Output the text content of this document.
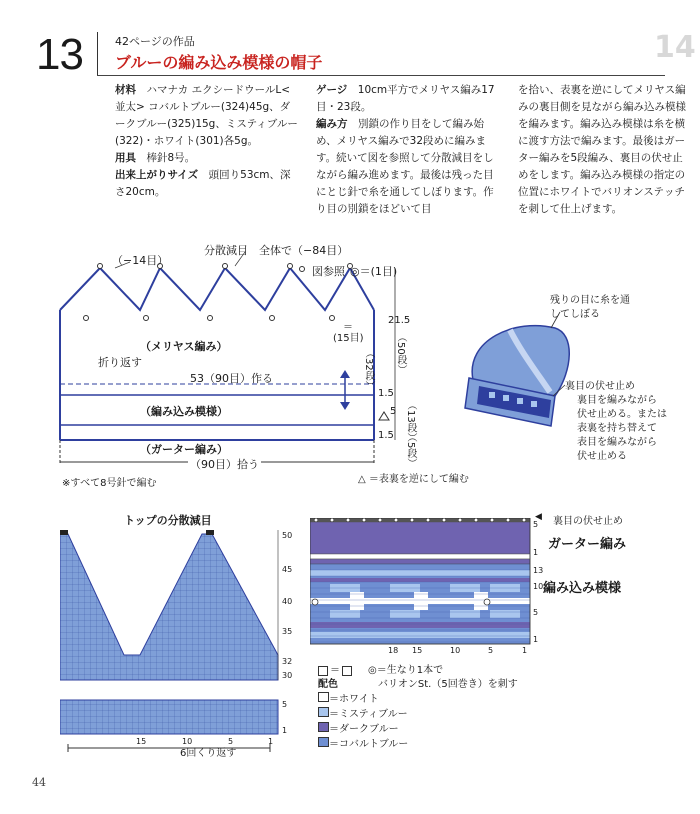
13	42ページの作品
ブルーの編み込み模様の帽子	14
材料　 ハマナカ エクシードウールL<並太> コバルトブルー(324)45g、ダークブルー(325)15g、ミスティブルー(322)・ホワイト(301)各5g。
用具　 棒針8号。
出来上がりサイズ　 頭回り53cm、深さ20cm。
ゲージ　 10cm平方でメリヤス編み17目・23段。
編み方　 別鎖の作り目をして編み始め、メリヤス編みで32段めに編みます。続いて図を参照して分散減目をしながら編み進めます。最後は残った目にとじ針で糸を通してしぼります。作り目の別鎖をほどいて目
を拾い、表裏を逆にしてメリヤス編みの裏目側を見ながら編み込み模様を編みます。編み込み模様は糸を横に渡す方法で編みます。最後はガーター編みを5段編み、裏目の伏せ止めをします。編み込み模様の指定の位置にホワイトでバリオンステッチを刺して仕上げます。
分散減目　全体で（−84目）
（−14目）
図参照 ◎＝(1目)
＝
(15目)
（メリヤス編み）
折り返す
53（90目）作る
（編み込み模様）
（ガーター編み）
（90目）拾う
21.5
（50段）
（32段）
1.5
5 （13段）
1.5 （5段）
※すべて8号針で編む	△ ＝表裏を逆にして編む
残りの目に糸を通してしぼる
裏目の伏せ止め
裏目を編みながら
伏せ止める。または
表裏を持ち替えて
表目を編みながら
伏せ止める
トップの分散減目
50
45
40
35
32
30
5
1
15	10	5	1
6回くり返す
裏目の伏せ止め
◀
ガーター編み
編み込み模様
5
1
13
10
5
1
18 15	10	5	1
＝
配色
＝ホワイト
＝ミスティブルー
＝ダークブルー
＝コバルトブルー
◎＝生なり1本で
バリオンSt.（5回巻き）を刺す
44
